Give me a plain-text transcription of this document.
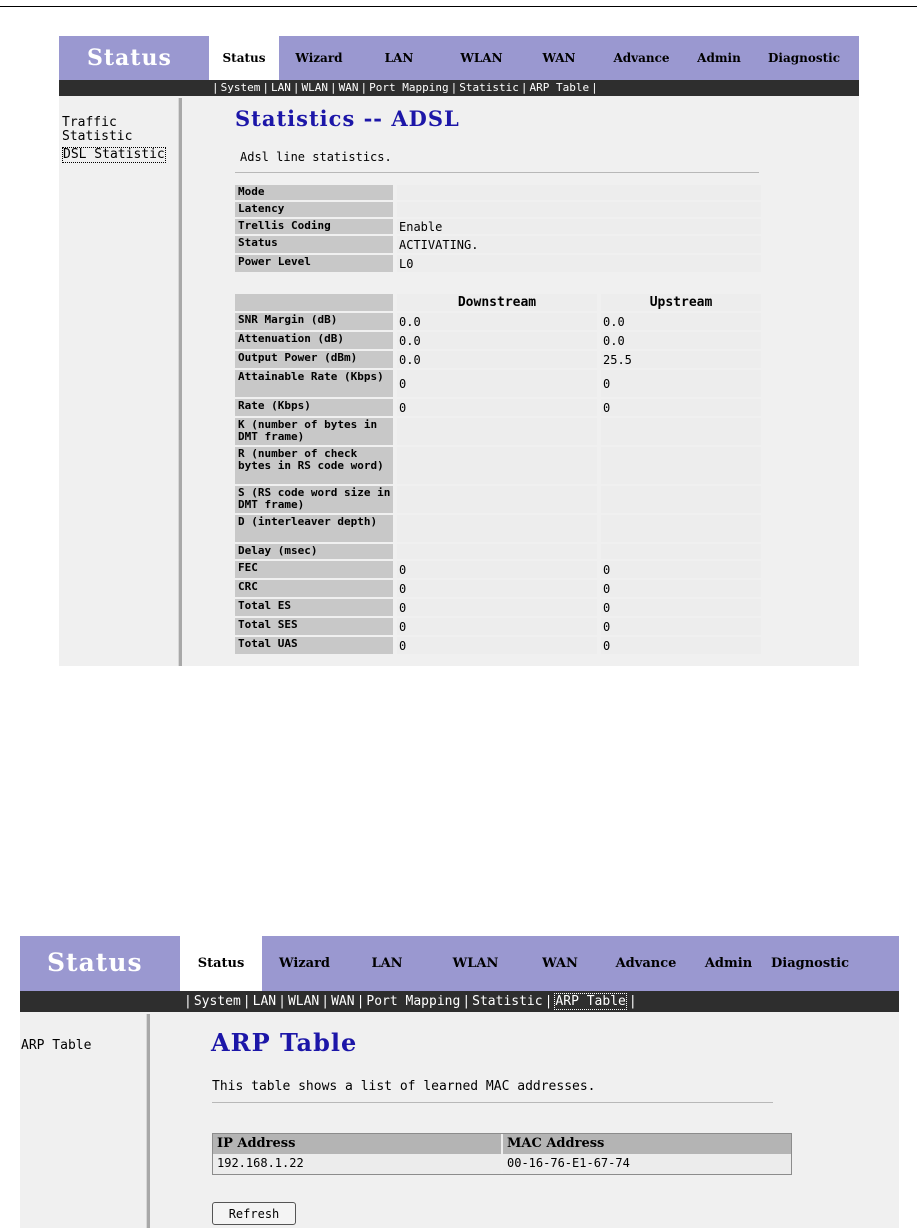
Status	Status	Wizard	LAN	WLAN	WAN	Advance	Admin	Diagnostic
| System | LAN | WLAN | WAN | Port Mapping | Statistic | ARP Table |
Traffic Statistic
DSL Statistic
Statistics -- ADSL
Adsl line statistics.
Mode
Latency
Trellis Coding	Enable
Status	ACTIVATING.
Power Level	L0
Downstream	Upstream
SNR Margin (dB)	0.0	0.0
Attenuation (dB)	0.0	0.0
Output Power (dBm)	0.0	25.5
Attainable Rate (Kbps)	0	0
Rate (Kbps)	0	0
K (number of bytes in DMT frame)
R (number of check bytes in RS code word)
S (RS code word size in DMT frame)
D (interleaver depth)
Delay (msec)
FEC	0	0
CRC	0	0
Total ES	0	0
Total SES	0	0
Total UAS	0	0
Status	Status	Wizard	LAN	WLAN	WAN	Advance	Admin	Diagnostic
| System | LAN | WLAN | WAN | Port Mapping | Statistic | ARP Table |
ARP Table	ARP Table
This table shows a list of learned MAC addresses.
IP Address	MAC Address
192.168.1.22	00-16-76-E1-67-74
Refresh
